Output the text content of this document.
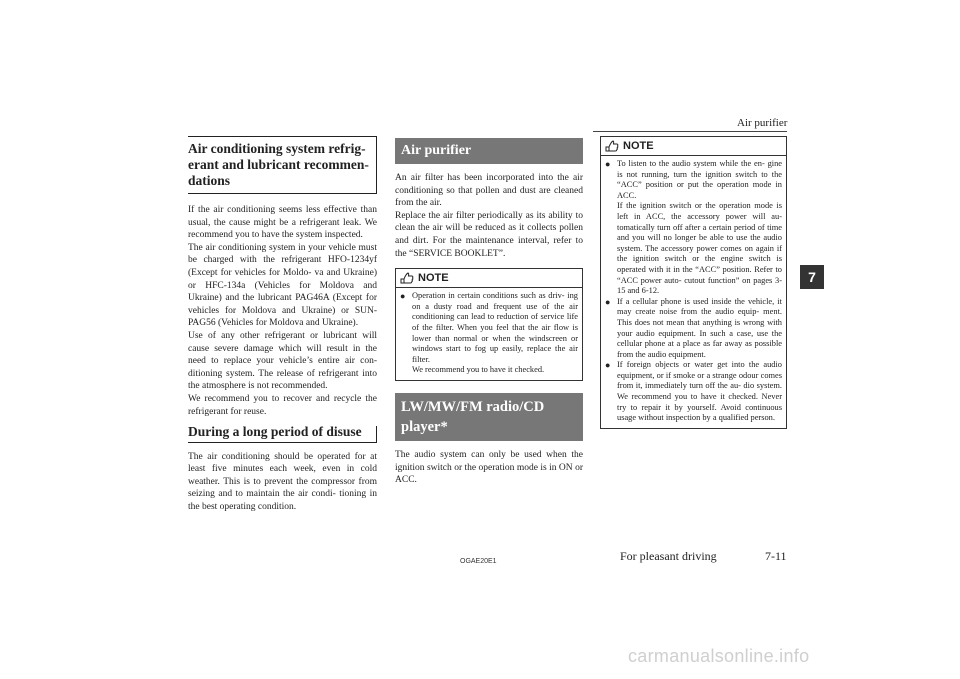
Air purifier
7
Air conditioning system refrig- erant and lubricant recommen- dations

If the air conditioning seems less effective than usual, the cause might be a refrigerant leak. We recommend you to have the system inspected.

The air conditioning system in your vehicle must be charged with the refrigerant HFO-1234yf (Except for vehicles for Moldo- va and Ukraine) or HFC-134a (Vehicles for Moldova and Ukraine) and the lubricant PAG46A (Except for vehicles for Moldova and Ukraine) or SUN-PAG56 (Vehicles for Moldova and Ukraine).

Use of any other refrigerant or lubricant will cause severe damage which will result in the need to replace your vehicle’s entire air con- ditioning system. The release of refrigerant into the atmosphere is not recommended.

We recommend you to recover and recycle the refrigerant for reuse.

During a long period of disuse

The air conditioning should be operated for at least five minutes each week, even in cold weather. This is to prevent the compressor from seizing and to maintain the air condi- tioning in the best operating condition.

Air purifier

An air filter has been incorporated into the air conditioning so that pollen and dust are cleaned from the air.

Replace the air filter periodically as its ability to clean the air will be reduced as it collects pollen and dirt. For the maintenance interval, refer to the “SERVICE BOOKLET”.

NOTE
● Operation in certain conditions such as driv- ing on a dusty road and frequent use of the air conditioning can lead to reduction of service life of the filter. When you feel that the air flow is lower than normal or when the windscreen or windows start to fog up easily, replace the air filter.
We recommend you to have it checked.
LW/MW/FM radio/CD player*

The audio system can only be used when the ignition switch or the operation mode is in ON or ACC.

NOTE
● To listen to the audio system while the en- gine is not running, turn the ignition switch to the “ACC” position or put the operation mode in ACC.
If the ignition switch or the operation mode is left in ACC, the accessory power will au- tomatically turn off after a certain period of time and you will no longer be able to use the audio system. The accessory power comes on again if the ignition switch or the engine switch is operated with it in the “ACC” position. Refer to “ACC power auto- cutout function” on pages 3-15 and 6-12.
● If a cellular phone is used inside the vehicle, it may create noise from the audio equip- ment. This does not mean that anything is wrong with your audio equipment. In such a case, use the cellular phone at a place as far away as possible from the audio equipment.
● If foreign objects or water get into the audio equipment, or if smoke or a strange odour comes from it, immediately turn off the au- dio system. We recommend you to have it checked. Never try to repair it by yourself. Avoid continuous usage without inspection by a qualified person.
OGAE20E1	For pleasant driving	7-11
carmanualsonline.info
